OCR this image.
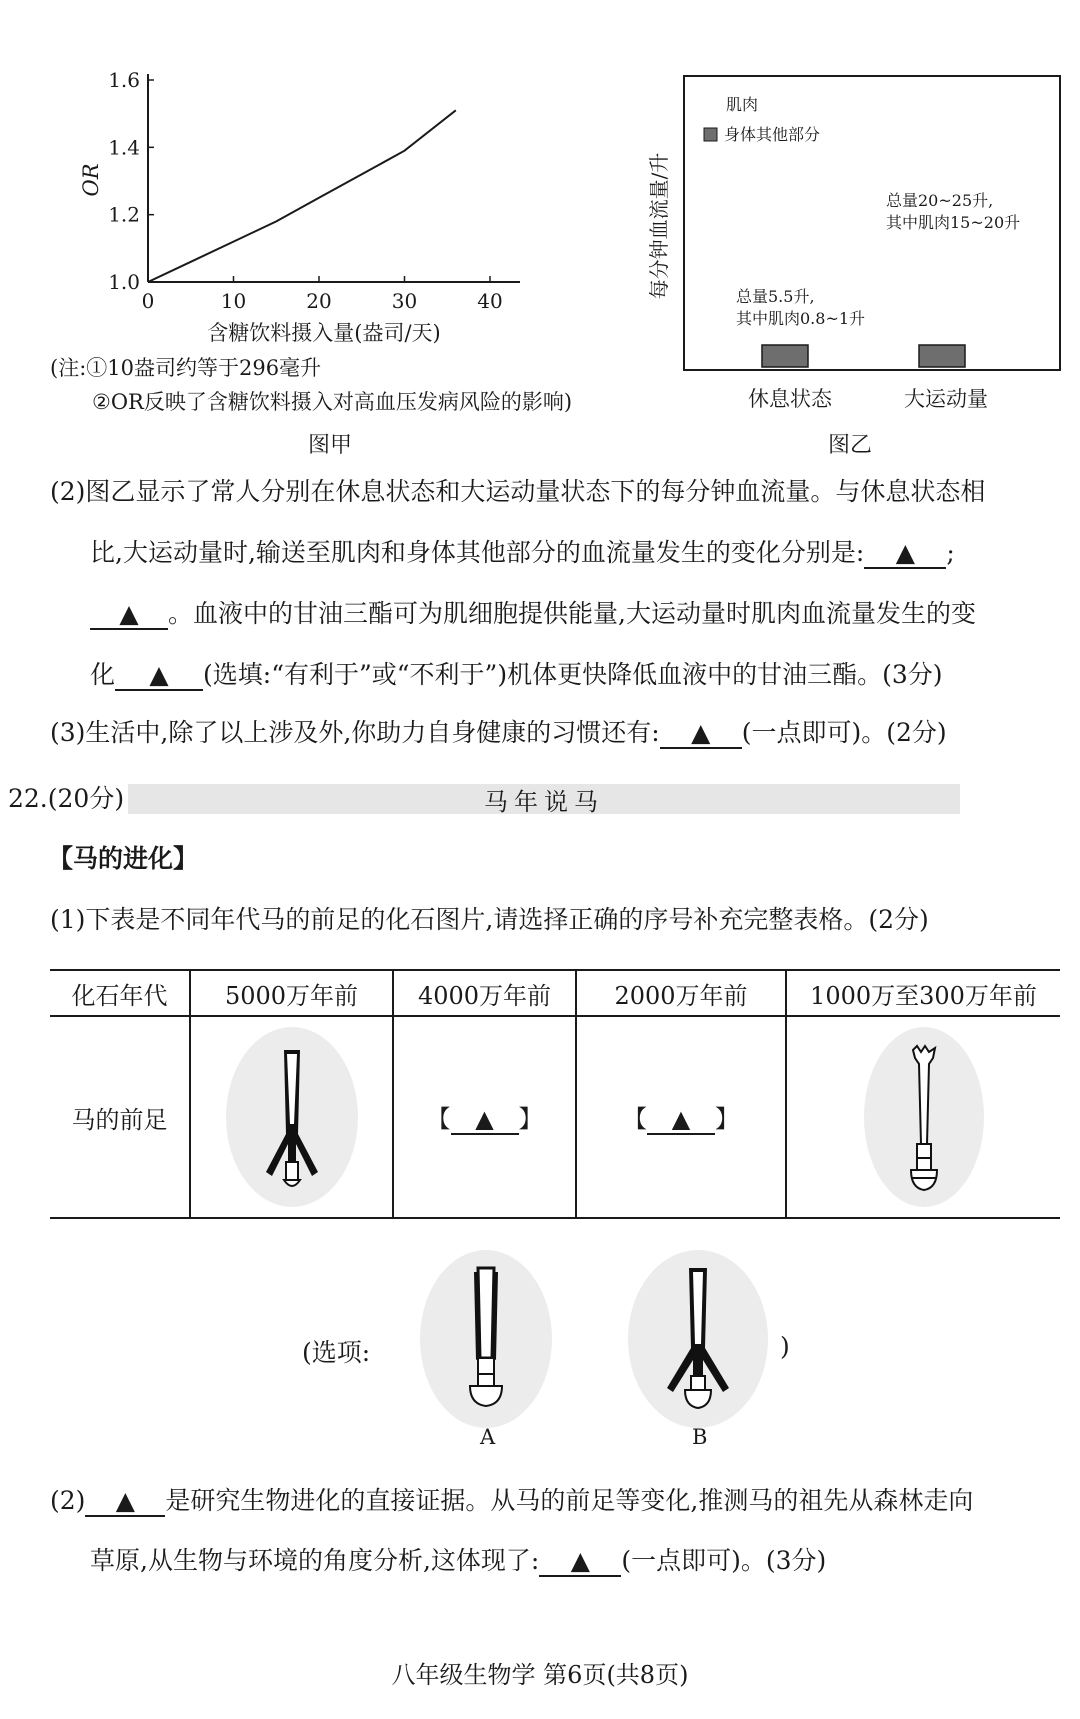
0	10	20	30	40
1.0
1.2
1.4
1.6
OR
含糖饮料摄入量(盎司/天)
(注:①10盎司约等于296毫升
②OR反映了含糖饮料摄入对高血压发病风险的影响)
图甲
每分钟血流量/升
肌肉
身体其他部分
总量20~25升,
其中肌肉15~20升
总量5.5升,
其中肌肉0.8~1升
休息状态	大运动量
图乙
(2)图乙显示了常人分别在休息状态和大运动量状态下的每分钟血流量。与休息状态相
比,大运动量时,输送至肌肉和身体其他部分的血流量发生的变化分别是: ▲ ;
▲ 。血液中的甘油三酯可为肌细胞提供能量,大运动量时肌肉血流量发生的变
化 ▲ (选填:“有利于”或“不利于”)机体更快降低血液中的甘油三酯。(3分)
(3)生活中,除了以上涉及外,你助力自身健康的习惯还有: ▲ (一点即可)。(2分)
22.(20分)	马年说马
【马的进化】
(1)下表是不同年代马的前足的化石图片,请选择正确的序号补充完整表格。(2分)
化石年代	5000万年前	4000万年前	2000万年前	1000万至300万年前
马的前足		【 ▲ 】	【 ▲ 】	
(选项:
A	B
)
(2) ▲ 是研究生物进化的直接证据。从马的前足等变化,推测马的祖先从森林走向
草原,从生物与环境的角度分析,这体现了: ▲ (一点即可)。(3分)
八年级生物学 第6页(共8页)
